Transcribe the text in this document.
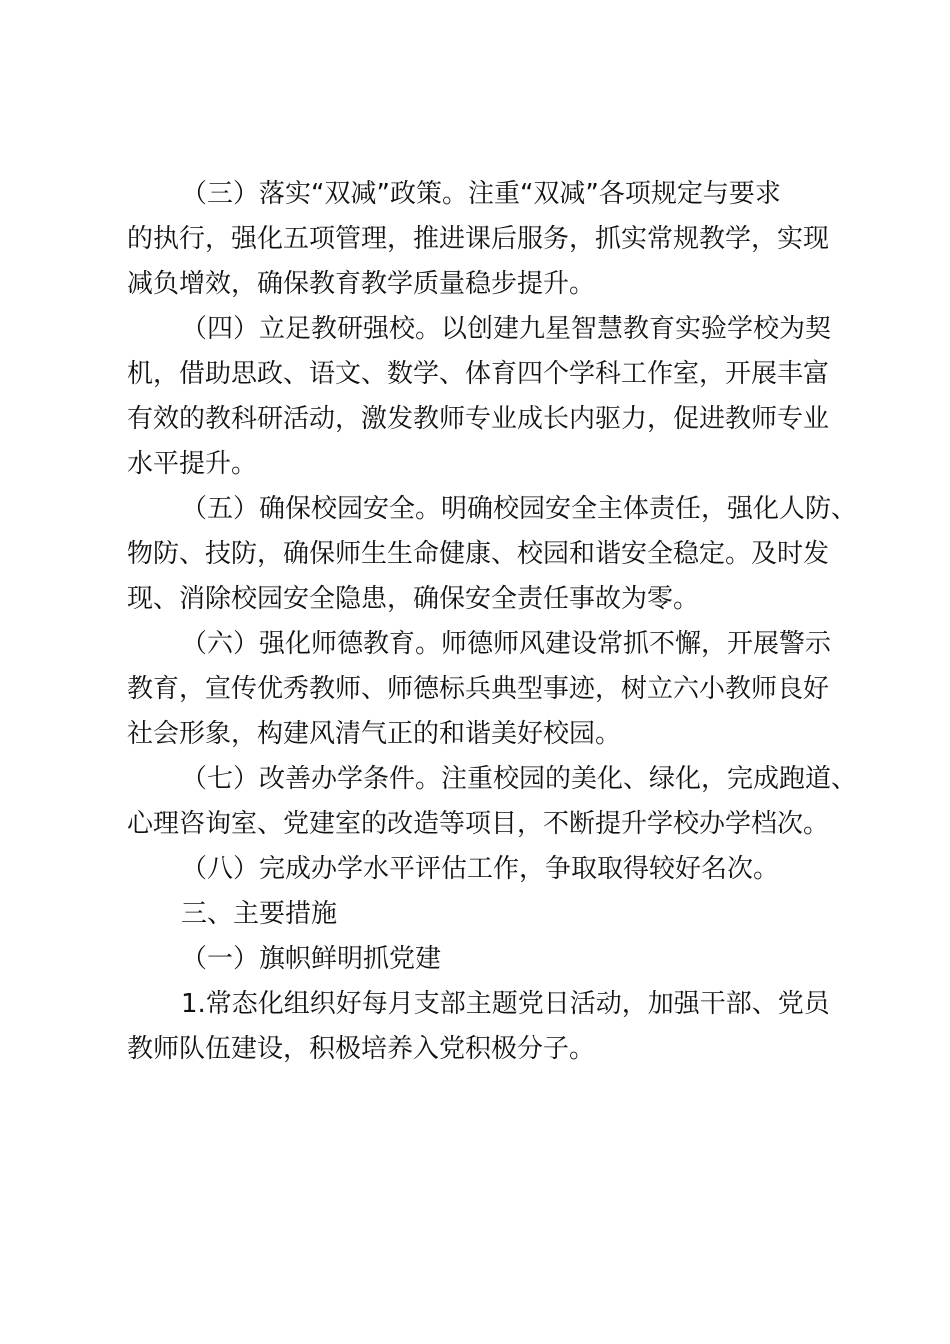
（三）落实“双减”政策。注重“双减”各项规定与要求
的执行，强化五项管理，推进课后服务，抓实常规教学，实现
减负增效，确保教育教学质量稳步提升。
（四）立足教研强校。以创建九星智慧教育实验学校为契
机，借助思政、语文、数学、体育四个学科工作室，开展丰富
有效的教科研活动，激发教师专业成长内驱力，促进教师专业
水平提升。
（五）确保校园安全。明确校园安全主体责任，强化人防、
物防、技防，确保师生生命健康、校园和谐安全稳定。及时发
现、消除校园安全隐患，确保安全责任事故为零。
（六）强化师德教育。师德师风建设常抓不懈，开展警示
教育，宣传优秀教师、师德标兵典型事迹，树立六小教师良好
社会形象，构建风清气正的和谐美好校园。
（七）改善办学条件。注重校园的美化、绿化，完成跑道、
心理咨询室、党建室的改造等项目，不断提升学校办学档次。
（八）完成办学水平评估工作，争取取得较好名次。
三、主要措施
（一）旗帜鲜明抓党建
1.常态化组织好每月支部主题党日活动，加强干部、党员
教师队伍建设，积极培养入党积极分子。
